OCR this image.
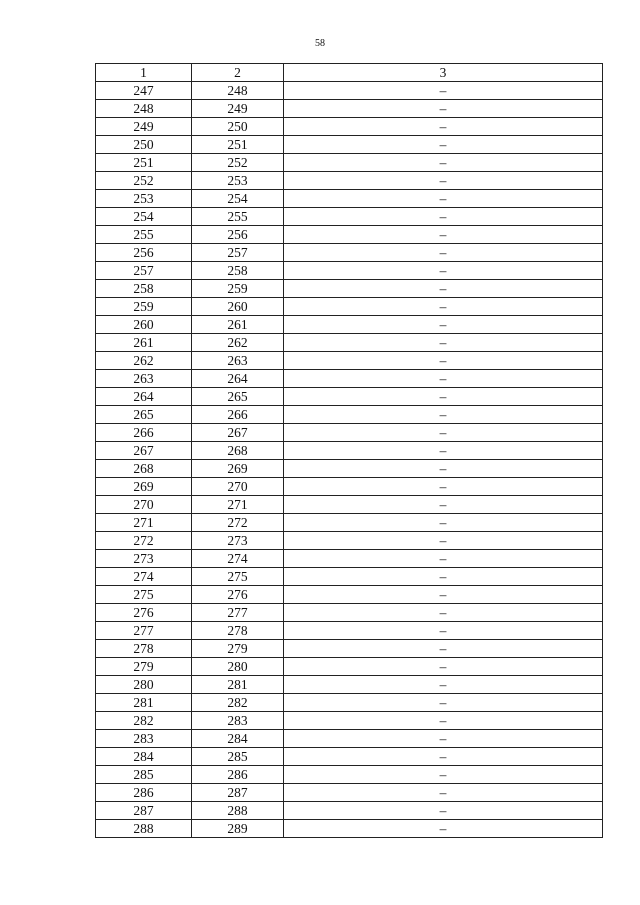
58
1	2	3
247	248	–
248	249	–
249	250	–
250	251	–
251	252	–
252	253	–
253	254	–
254	255	–
255	256	–
256	257	–
257	258	–
258	259	–
259	260	–
260	261	–
261	262	–
262	263	–
263	264	–
264	265	–
265	266	–
266	267	–
267	268	–
268	269	–
269	270	–
270	271	–
271	272	–
272	273	–
273	274	–
274	275	–
275	276	–
276	277	–
277	278	–
278	279	–
279	280	–
280	281	–
281	282	–
282	283	–
283	284	–
284	285	–
285	286	–
286	287	–
287	288	–
288	289	–
